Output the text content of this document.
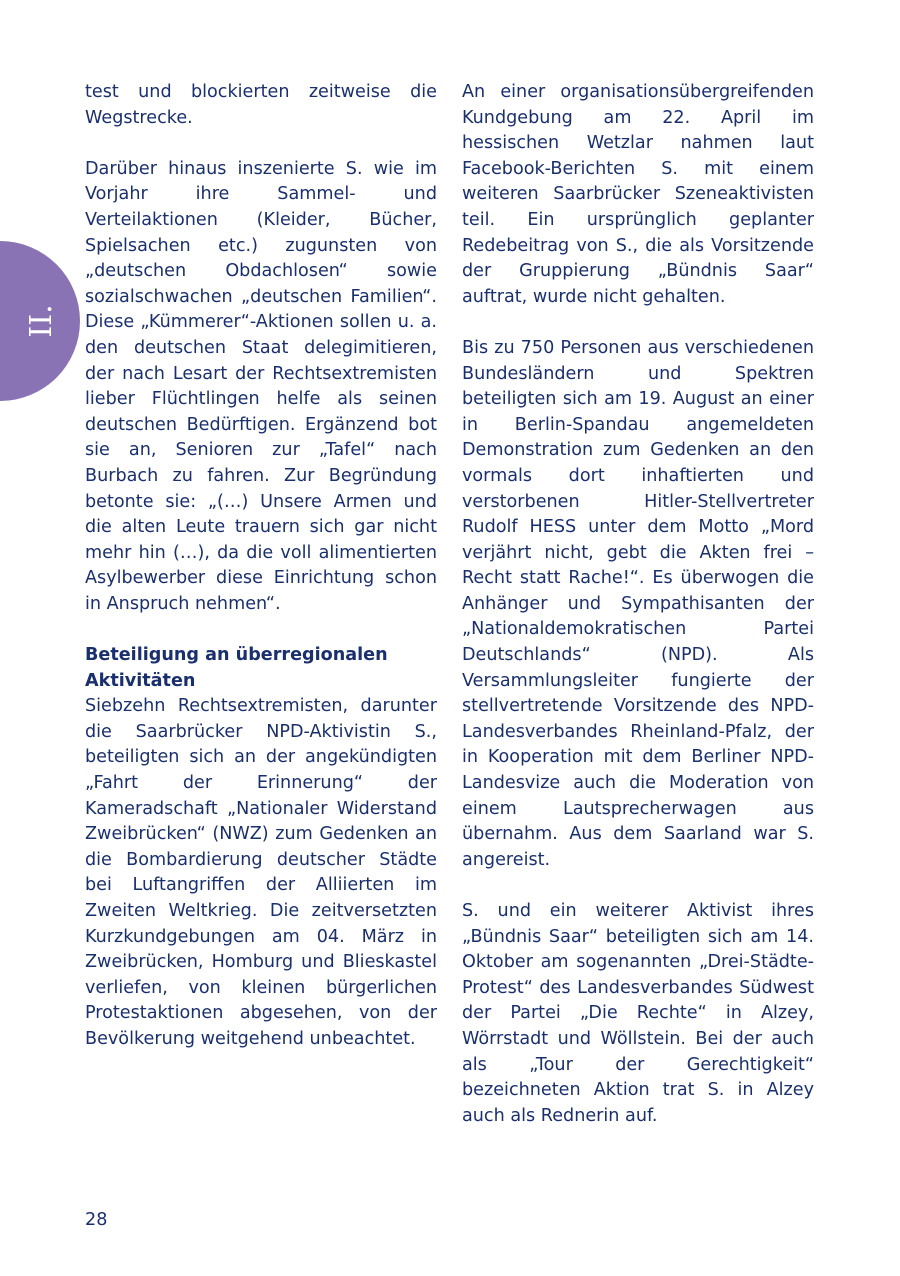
II.

test und blockierten zeitweise die Wegstrecke.

Darüber hinaus inszenierte S. wie im Vorjahr ihre Sammel- und Verteilaktionen (Kleider, Bücher, Spielsachen etc.) zugunsten von „deutschen Obdachlosen“ sowie sozialschwachen „deutschen Familien“. Diese „Kümmerer“-Aktionen sollen u. a. den deutschen Staat delegimitieren, der nach Lesart der Rechtsextremisten lieber Flüchtlingen helfe als seinen deutschen Bedürftigen. Ergänzend bot sie an, Senioren zur „Tafel“ nach Burbach zu fahren. Zur Begründung betonte sie: „(…) Unsere Armen und die alten Leute trauern sich gar nicht mehr hin (…), da die voll alimentierten Asylbewerber diese Einrichtung schon in Anspruch nehmen“.

Beteiligung an überregionalen Aktivitäten

Siebzehn Rechtsextremisten, darunter die Saarbrücker NPD-Aktivistin S., beteiligten sich an der angekündigten „Fahrt der Erinnerung“ der Kameradschaft „Nationaler Widerstand Zweibrücken“ (NWZ) zum Gedenken an die Bombardierung deutscher Städte bei Luftangriffen der Alliierten im Zweiten Weltkrieg. Die zeitversetzten Kurzkundgebungen am 04. März in Zweibrücken, Homburg und Blieskastel verliefen, von kleinen bürgerlichen Protestaktionen abgesehen, von der Bevölkerung weitgehend unbeachtet.

An einer organisationsübergreifenden Kundgebung am 22. April im hessischen Wetzlar nahmen laut Facebook-Berichten S. mit einem weiteren Saarbrücker Szeneaktivisten teil. Ein ursprünglich geplanter Redebeitrag von S., die als Vorsitzende der Gruppierung „Bündnis Saar“ auftrat, wurde nicht gehalten.

Bis zu 750 Personen aus verschiedenen Bundesländern und Spektren beteiligten sich am 19. August an einer in Berlin-Spandau angemeldeten Demonstration zum Gedenken an den vormals dort inhaftierten und verstorbenen Hitler-Stellvertreter Rudolf HESS unter dem Motto „Mord verjährt nicht, gebt die Akten frei – Recht statt Rache!“. Es überwogen die Anhänger und Sympathisanten der „Nationaldemokratischen Partei Deutschlands“ (NPD). Als Versammlungsleiter fungierte der stellvertretende Vorsitzende des NPD-Landesverbandes Rheinland-Pfalz, der in Kooperation mit dem Berliner NPD-Landesvize auch die Moderation von einem Lautsprecherwagen aus übernahm. Aus dem Saarland war S. angereist.

S. und ein weiterer Aktivist ihres „Bündnis Saar“ beteiligten sich am 14. Oktober am sogenannten „Drei-Städte-Protest“ des Landesverbandes Südwest der Partei „Die Rechte“ in Alzey, Wörrstadt und Wöllstein. Bei der auch als „Tour der Gerechtigkeit“ bezeichneten Aktion trat S. in Alzey auch als Rednerin auf.

28
